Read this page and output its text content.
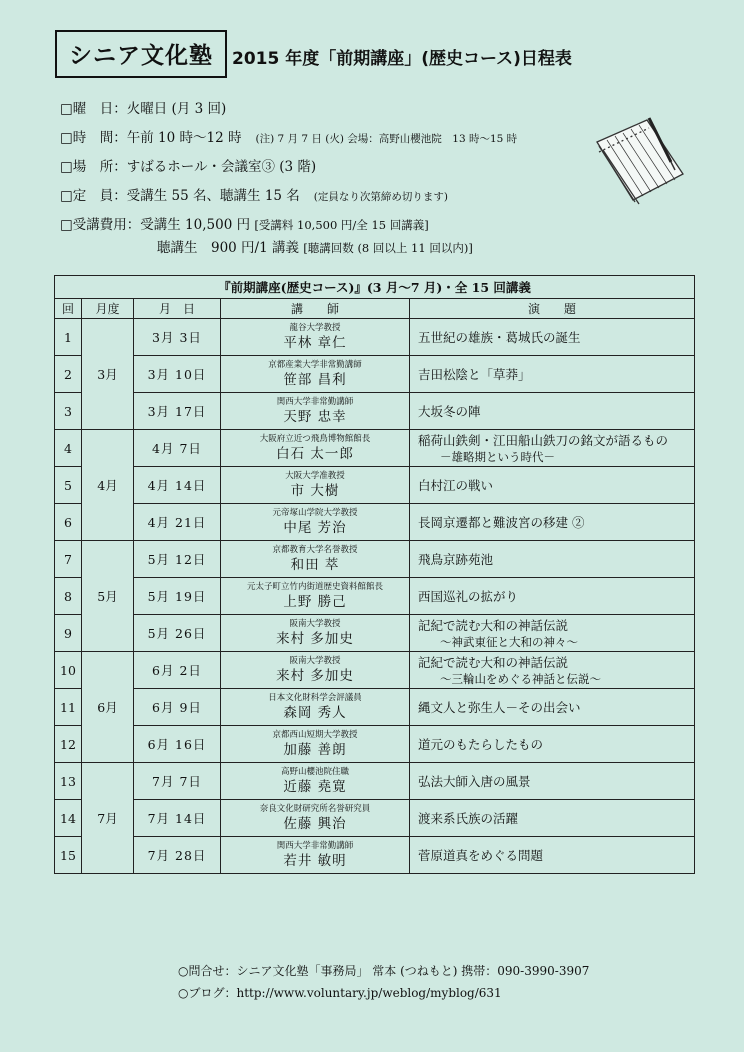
シニア文化塾	2015 年度「前期講座」(歴史コース)日程表
□曜　日：火曜日 (月 3 回)
□時　間：午前 10 時～12 時 (注) 7 月 7 日 (火) 会場：高野山櫻池院　13 時～15 時
□場　所：すばるホール・会議室③ (3 階)
□定　員：受講生 55 名、聴講生 15 名 (定員なり次第締め切ります)
□受講費用：受講生 10,500 円 [受講料 10,500 円/全 15 回講義]
聴講生　900 円/1 講義 [聴講回数 (8 回以上 11 回以内)]
『前期講座(歴史コース)』(3 月～7 月)・全 15 回講義				
回	月度	月　日	講　　師	演　　題
1	3月	3月 3日	龍谷大学教授
平林 章仁	五世紀の雄族・葛城氏の誕生

2		3月 10日	京都産業大学非常勤講師
笹部 昌利	吉田松陰と「草莽」

3		3月 17日	関西大学非常勤講師
天野 忠幸	大坂冬の陣

4	4月	4月 7日	大阪府立近つ飛鳥博物館館長
白石 太一郎	稲荷山鉄剣・江田船山鉄刀の銘文が語るもの
－雄略期という時代－

5		4月 14日	大阪大学准教授
市 大樹	白村江の戦い

6		4月 21日	元帝塚山学院大学教授
中尾 芳治	長岡京遷都と難波宮の移建 ②

7	5月	5月 12日	京都教育大学名誉教授
和田 萃	飛鳥京跡苑池

8		5月 19日	元太子町立竹内街道歴史資料館館長
上野 勝己	西国巡礼の拡がり

9		5月 26日	阪南大学教授
来村 多加史	記紀で読む大和の神話伝説
～神武東征と大和の神々～

10	6月	6月 2日	阪南大学教授
来村 多加史	記紀で読む大和の神話伝説
～三輪山をめぐる神話と伝説～

11		6月 9日	日本文化財科学会評議員
森岡 秀人	縄文人と弥生人－その出会い

12		6月 16日	京都西山短期大学教授
加藤 善朗	道元のもたらしたもの

13	7月	7月 7日	高野山櫻池院住職
近藤 堯寛	弘法大師入唐の風景

14		7月 14日	奈良文化財研究所名誉研究員
佐藤 興治	渡来系氏族の活躍

15		7月 28日	関西大学非常勤講師
若井 敏明	菅原道真をめぐる問題
○問合せ：シニア文化塾「事務局」 常本 (つねもと) 携帯：090-3990-3907
○ブログ：http://www.voluntary.jp/weblog/myblog/631
